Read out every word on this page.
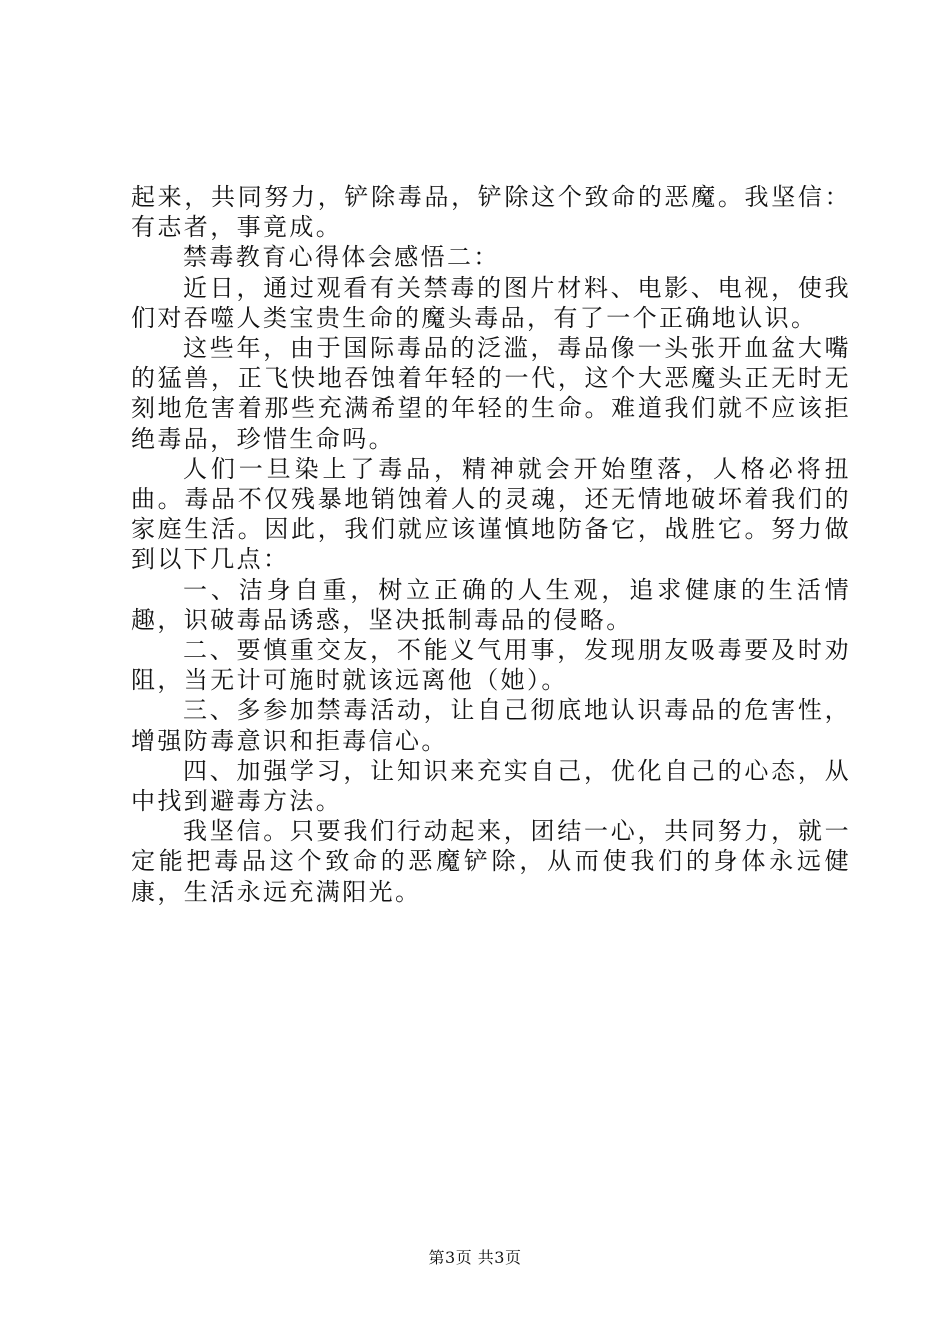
起来，共同努力，铲除毒品，铲除这个致命的恶魔。我坚信：有志者，事竟成。

禁毒教育心得体会感悟二：

近日，通过观看有关禁毒的图片材料、电影、电视，使我们对吞噬人类宝贵生命的魔头毒品，有了一个正确地认识。

这些年，由于国际毒品的泛滥，毒品像一头张开血盆大嘴的猛兽，正飞快地吞蚀着年轻的一代，这个大恶魔头正无时无刻地危害着那些充满希望的年轻的生命。难道我们就不应该拒绝毒品，珍惜生命吗。

人们一旦染上了毒品，精神就会开始堕落，人格必将扭曲。毒品不仅残暴地销蚀着人的灵魂，还无情地破坏着我们的家庭生活。因此，我们就应该谨慎地防备它，战胜它。努力做到以下几点：

一、洁身自重，树立正确的人生观，追求健康的生活情趣，识破毒品诱惑，坚决抵制毒品的侵略。

二、要慎重交友，不能义气用事，发现朋友吸毒要及时劝阻，当无计可施时就该远离他（她）。

三、多参加禁毒活动，让自己彻底地认识毒品的危害性，增强防毒意识和拒毒信心。

四、加强学习，让知识来充实自己，优化自己的心态，从中找到避毒方法。

我坚信。只要我们行动起来，团结一心，共同努力，就一定能把毒品这个致命的恶魔铲除，从而使我们的身体永远健康，生活永远充满阳光。

第3页 共3页
